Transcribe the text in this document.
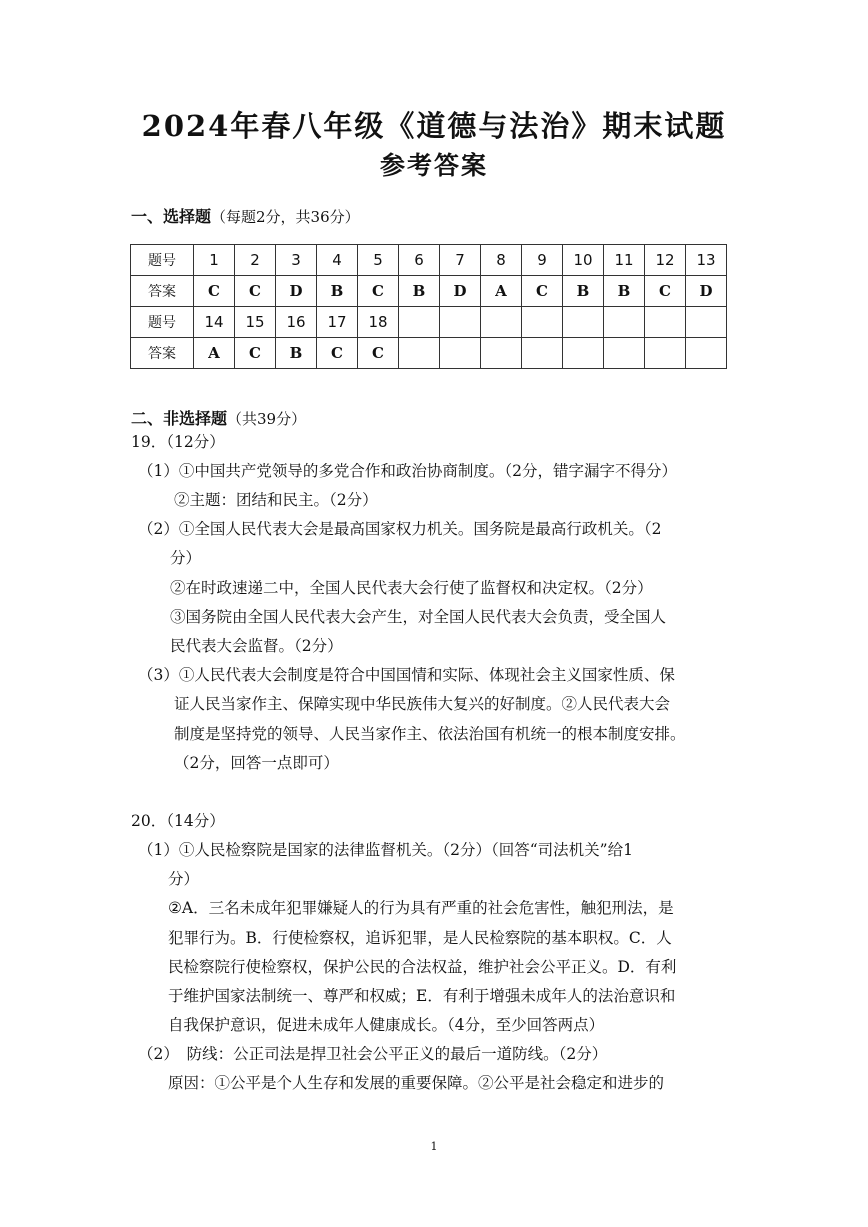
2024年春八年级《道德与法治》期末试题
参考答案
一、选择题（每题2分，共36分）
题号	1	2	3	4	5	6	7	8	9	10	11	12	13
答案	C	C	D	B	C	B	D	A	C	B	B	C	D
题号	14	15	16	17	18								
答案	A	C	B	C	C								
二、非选择题（共39分）
19．（12分）
（1）①中国共产党领导的多党合作和政治协商制度。（2分，错字漏字不得分）
②主题：团结和民主。（2分）
（2）①全国人民代表大会是最高国家权力机关。国务院是最高行政机关。（2
分）
②在时政速递二中，全国人民代表大会行使了监督权和决定权。（2分）
③国务院由全国人民代表大会产生，对全国人民代表大会负责，受全国人
民代表大会监督。（2分）
（3）①人民代表大会制度是符合中国国情和实际、体现社会主义国家性质、保
证人民当家作主、保障实现中华民族伟大复兴的好制度。②人民代表大会
制度是坚持党的领导、人民当家作主、依法治国有机统一的根本制度安排。
（2分，回答一点即可）
20．（14分）
（1）①人民检察院是国家的法律监督机关。（2分）（回答“司法机关”给1
分）
②A．三名未成年犯罪嫌疑人的行为具有严重的社会危害性，触犯刑法，是
犯罪行为。B．行使检察权，追诉犯罪，是人民检察院的基本职权。C．人
民检察院行使检察权，保护公民的合法权益，维护社会公平正义。D．有利
于维护国家法制统一、尊严和权威；E．有利于增强未成年人的法治意识和
自我保护意识，促进未成年人健康成长。（4分，至少回答两点）
（2）　防线：公正司法是捍卫社会公平正义的最后一道防线。（2分）
原因：①公平是个人生存和发展的重要保障。②公平是社会稳定和进步的
1
